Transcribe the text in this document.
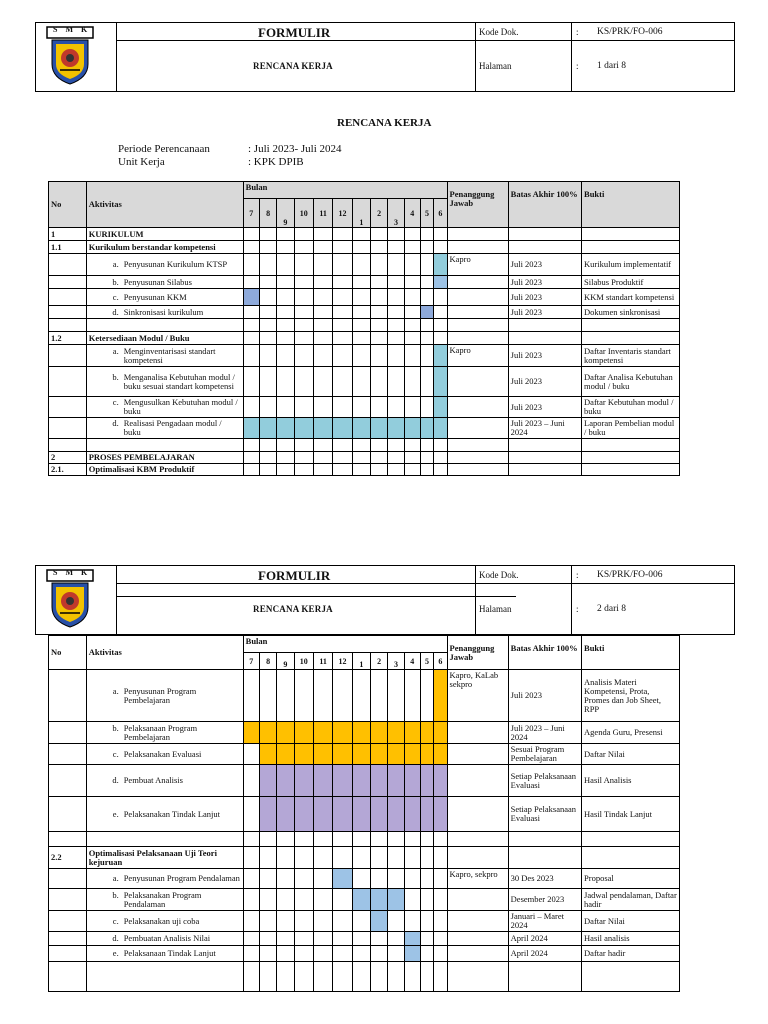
S M K	FORMULIR
RENCANA KERJA
Kode Dok.	: KS/PRK/FO-006
Halaman	: 1 dari 8
RENCANA KERJA
Periode Perencanaan	: Juli 2023- Juli 2024
Unit Kerja	: KPK DPIB
No	Aktivitas	Bulan												Penanggung Jawab	Batas Akhir 100%	Bukti
		7	8	9	10	11	12	1	2	3	4	5	6			
1	KURIKULUM															
1.1	Kurikulum berstandar kompetensi															

	a. Penyusunan Kurikulum KTSP													Kapro	Juli 2023	Kurikulum implementatif

	b. Penyusunan Silabus														Juli 2023	Silabus Produktif

	c. Penyusunan KKM														Juli 2023	KKM standart kompetensi

	d. Sinkronisasi kurikulum														Juli 2023	Dokumen sinkronisasi

1.2	Ketersediaan Modul / Buku															

	a. Menginventarisasi standart kompetensi													Kapro	Juli 2023	Daftar Inventaris standart kompetensi

	b. Menganalisa Kebutuhan modul / buku sesuai standart kompetensi														Juli 2023	Daftar Analisa Kebutuhan modul / buku

	c. Mengusulkan Kebutuhan modul / buku														Juli 2023	Daftar Kebutuhan modul / buku

	d. Realisasi Pengadaan modul / buku														Juli 2023 – Juni 2024	Laporan Pembelian modul / buku

2	PROSES PEMBELAJARAN															
2.1.	Optimalisasi KBM Produktif															
S M K	FORMULIR
RENCANA KERJA
Kode Dok.	: KS/PRK/FO-006
Halaman	: 2 dari 8
No	Aktivitas	Bulan												Penanggung Jawab	Batas Akhir 100%	Bukti
		7	8	9	10	11	12	1	2	3	4	5	6			

	a. Penyusunan Program Pembelajaran													Kapro, KaLab sekpro	Juli 2023	Analisis Materi Kompetensi, Prota, Promes dan Job Sheet, RPP

	b. Pelaksanaan Program Pembelajaran														Juli 2023 – Juni 2024	Agenda Guru, Presensi

	c. Pelaksanakan Evaluasi														Sesuai Program Pembelajaran	Daftar Nilai

	d. Pembuat Analisis														Setiap Pelaksanaan Evaluasi	Hasil Analisis

	e. Pelaksanakan Tindak Lanjut														Setiap Pelaksanaan Evaluasi	Hasil Tindak Lanjut

2.2	Optimalisasi Pelaksanaan Uji Teori kejuruan															

	a. Penyusunan Program Pendalaman													Kapro, sekpro	30 Des 2023	Proposal

	b. Pelaksanakan Program Pendalaman														Desember 2023	Jadwal pendalaman, Daftar hadir

	c. Pelaksanakan uji coba														Januari – Maret 2024	Daftar Nilai

	d. Pembuatan Analisis Nilai														April 2024	Hasil analisis

	e. Pelaksanaan Tindak Lanjut														April 2024	Daftar hadir
